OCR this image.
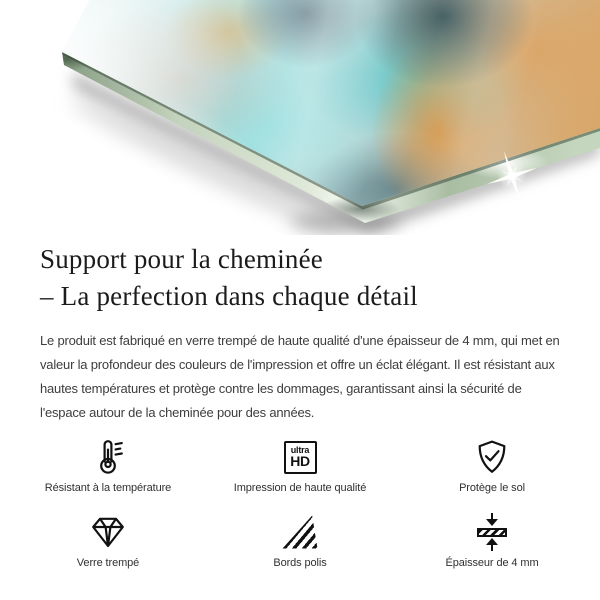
Support pour la cheminée
– La perfection dans chaque détail

Le produit est fabriqué en verre trempé de haute qualité d'une épaisseur de 4 mm, qui met en valeur la profondeur des couleurs de l'impression et offre un éclat élégant. Il est résistant aux hautes températures et protège contre les dommages, garantissant ainsi la sécurité de l'espace autour de la cheminée pour des années.

Résistant à la température
ultra
HD
Impression de haute qualité	Protège le sol
Verre trempé	Bords polis	Épaisseur de 4 mm
